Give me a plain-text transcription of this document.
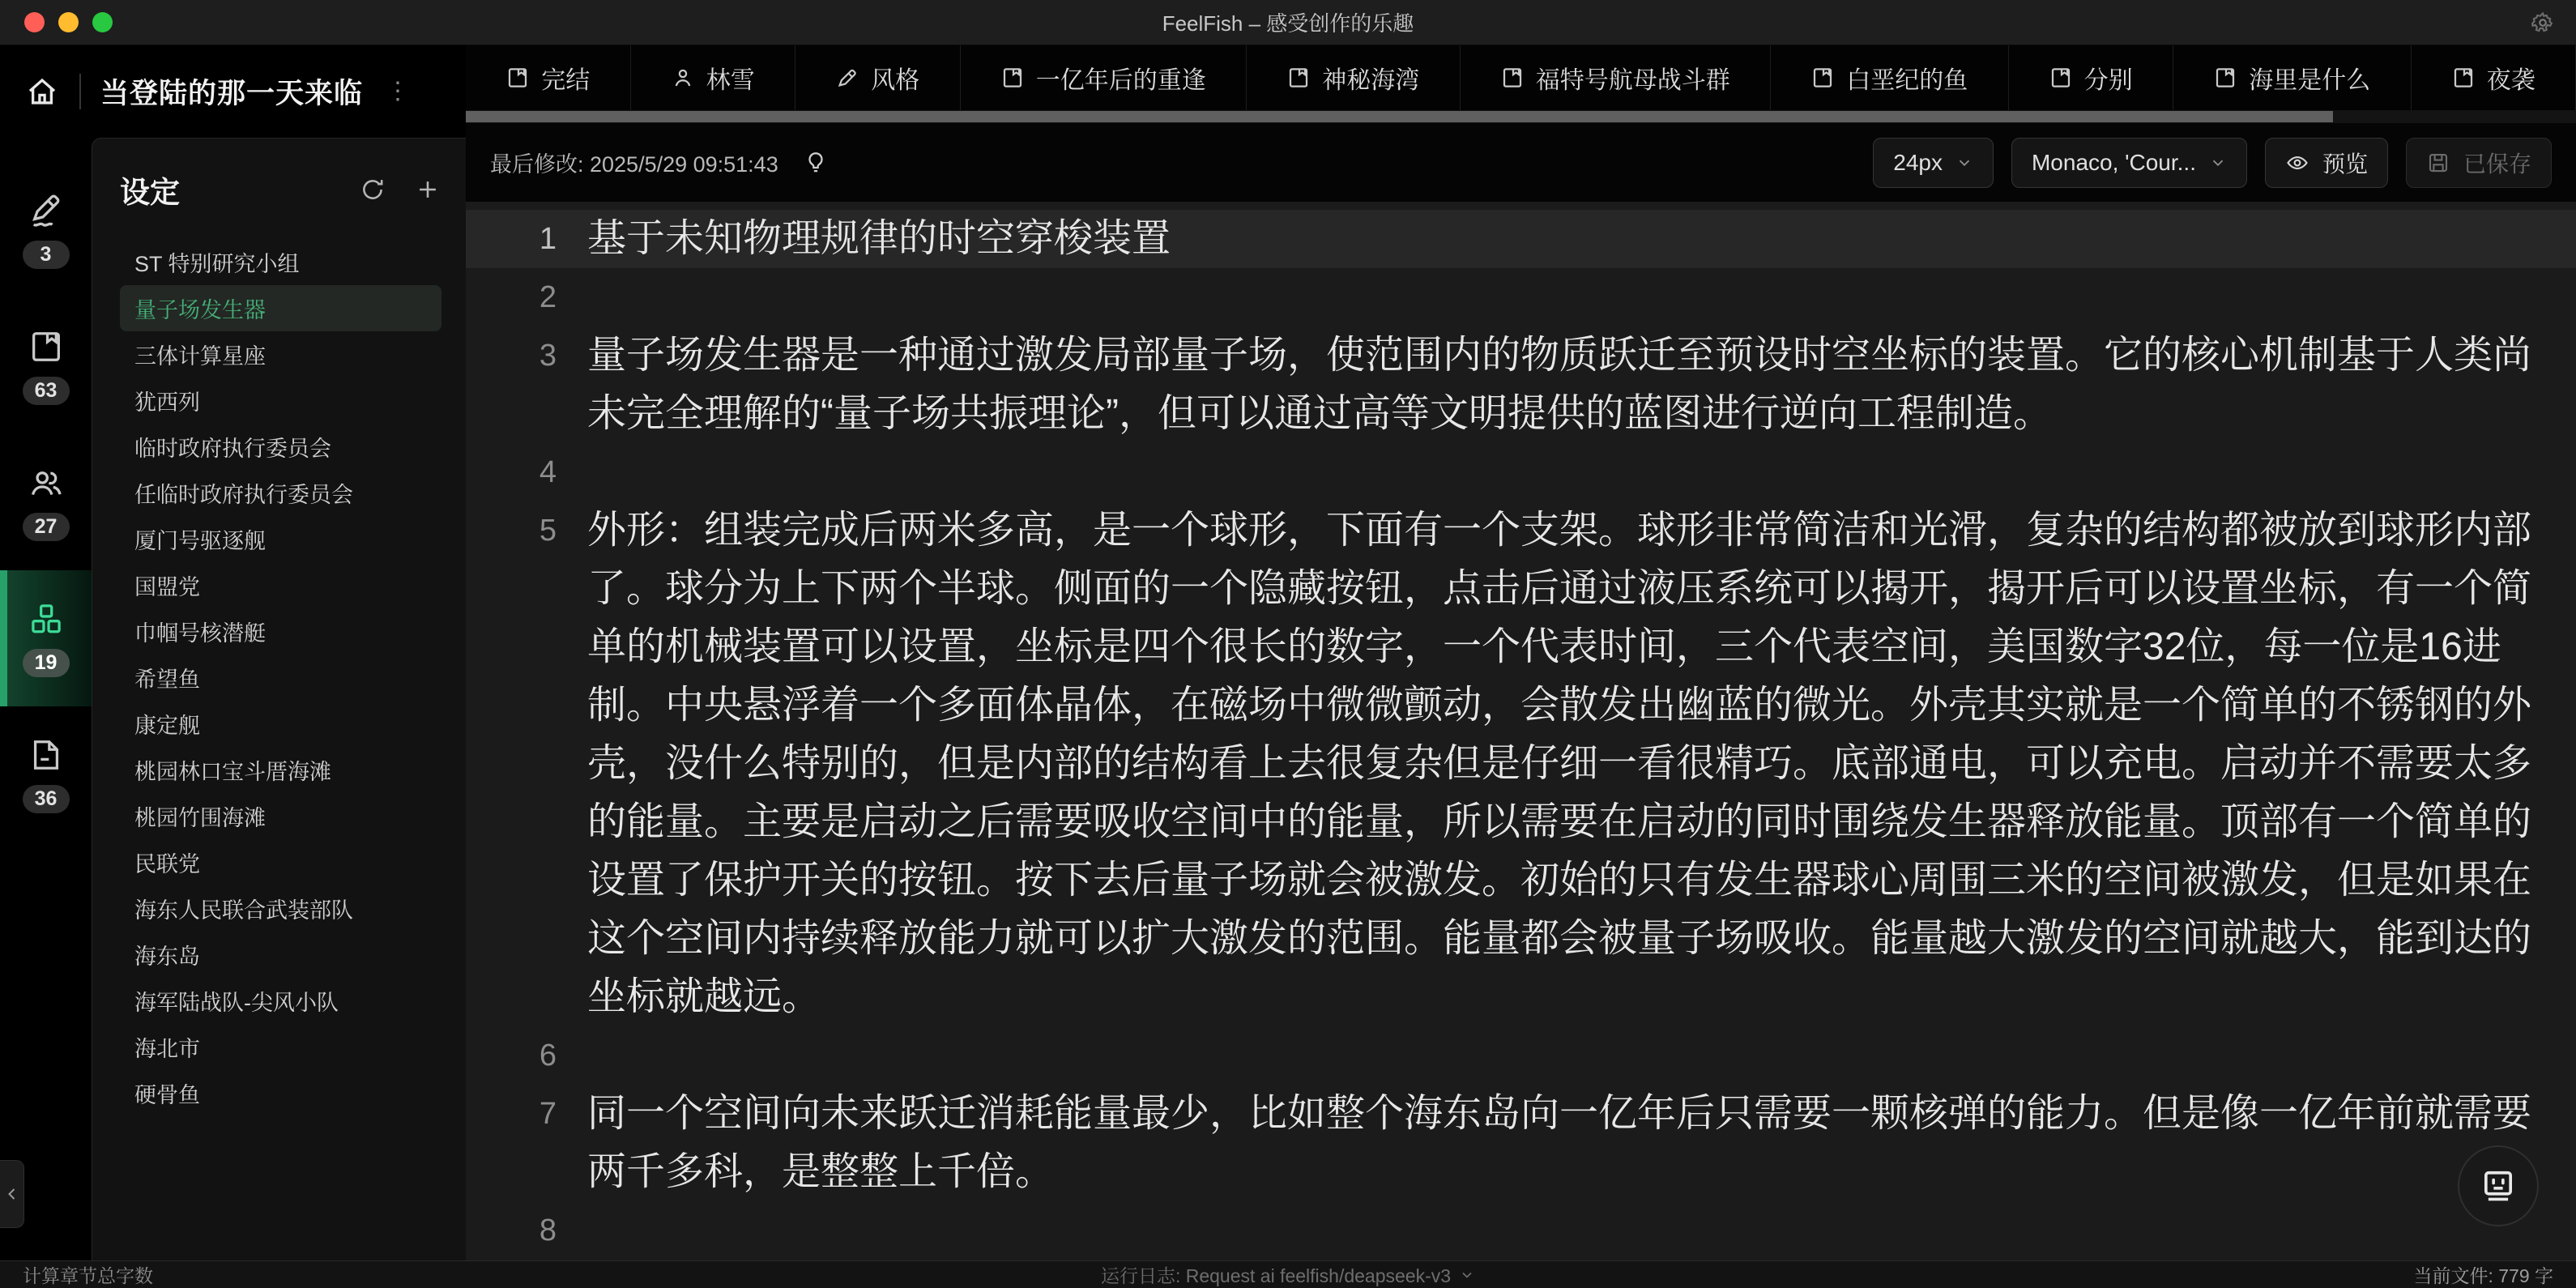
FeelFish – 感受创作的乐趣
当登陆的那一天来临 ⋮
3
63
27
19
36
设定
ST 特别研究小组
量子场发生器
三体计算星座
犹西列
临时政府执行委员会
任临时政府执行委员会
厦门号驱逐舰
国盟党
巾帼号核潜艇
希望鱼
康定舰
桃园林口宝斗厝海滩
桃园竹围海滩
民联党
海东人民联合武装部队
海东岛
海军陆战队-尖风小队
海北市
硬骨鱼
完结	林雪	风格	一亿年后的重逢	神秘海湾	福特号航母战斗群	白垩纪的鱼	分别	海里是什么	夜袭
最后修改: 2025/5/29 09:51:43	24px	Monaco, 'Cour...	预览	已保存
1 基于未知物理规律的时空穿梭装置
2
3 量子场发生器是一种通过激发局部量子场，使范围内的物质跃迁至预设时空坐标的装置。它的核心机制基于人类尚未完全理解的“量子场共振理论”，但可以通过高等文明提供的蓝图进行逆向工程制造。
4
5 外形：组装完成后两米多高，是一个球形，下面有一个支架。球形非常简洁和光滑，复杂的结构都被放到球形内部了。球分为上下两个半球。侧面的一个隐藏按钮，点击后通过液压系统可以揭开，揭开后可以设置坐标，有一个简单的机械装置可以设置，坐标是四个很长的数字，一个代表时间，三个代表空间，美国数字32位，每一位是16进制。中央悬浮着一个多面体晶体，在磁场中微微颤动，会散发出幽蓝的微光。外壳其实就是一个简单的不锈钢的外壳，没什么特别的，但是内部的结构看上去很复杂但是仔细一看很精巧。底部通电，可以充电。启动并不需要太多的能量。主要是启动之后需要吸收空间中的能量，所以需要在启动的同时围绕发生器释放能量。顶部有一个简单的设置了保护开关的按钮。按下去后量子场就会被激发。初始的只有发生器球心周围三米的空间被激发，但是如果在这个空间内持续释放能力就可以扩大激发的范围。能量都会被量子场吸收。能量越大激发的空间就越大，能到达的坐标就越远。
6
7 同一个空间向未来跃迁消耗能量最少，比如整个海东岛向一亿年后只需要一颗核弹的能力。但是像一亿年前就需要两千多科，是整整上千倍。
8
计算章节总字数	运行日志: Request ai feelfish/deapseek-v3	当前文件: 779 字
